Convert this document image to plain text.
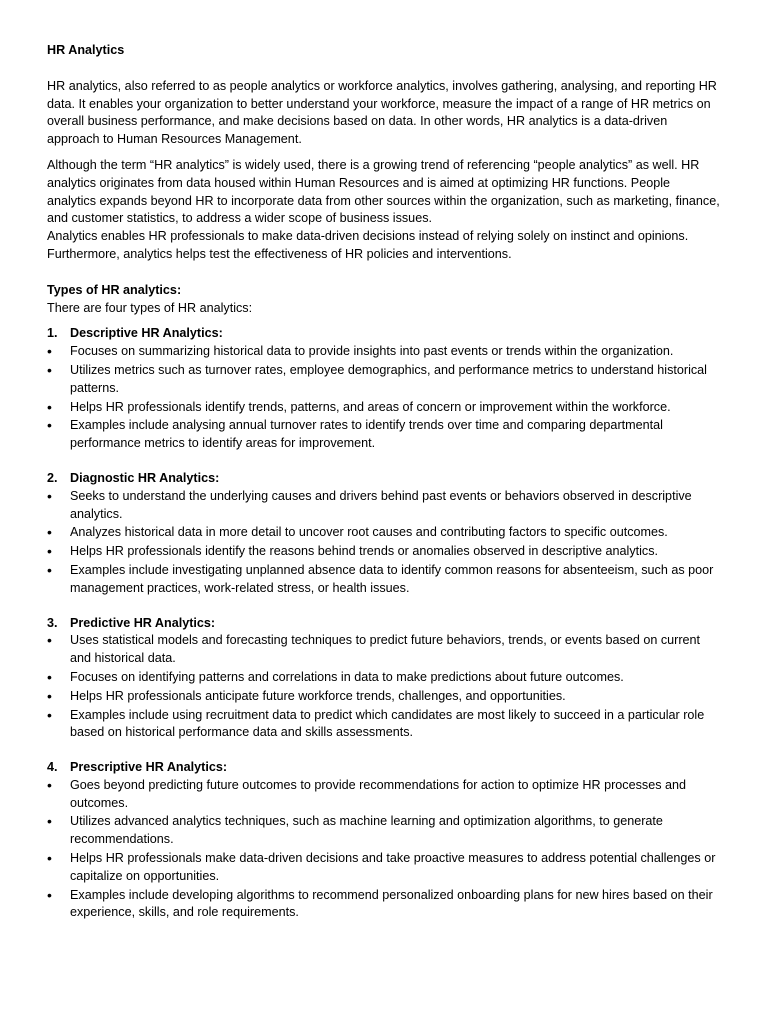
HR Analytics

HR analytics, also referred to as people analytics or workforce analytics, involves gathering, analysing, and reporting HR data. It enables your organization to better understand your workforce, measure the impact of a range of HR metrics on overall business performance, and make decisions based on data. In other words, HR analytics is a data-driven approach to Human Resources Management.

Although the term “HR analytics” is widely used, there is a growing trend of referencing “people analytics” as well. HR analytics originates from data housed within Human Resources and is aimed at optimizing HR functions. People analytics expands beyond HR to incorporate data from other sources within the organization, such as marketing, finance, and customer statistics, to address a wider scope of business issues.

Analytics enables HR professionals to make data-driven decisions instead of relying solely on instinct and opinions. Furthermore, analytics helps test the effectiveness of HR policies and interventions.

Types of HR analytics:
There are four types of HR analytics:
1. Descriptive HR Analytics:
•	Focuses on summarizing historical data to provide insights into past events or trends within the organization.
•	Utilizes metrics such as turnover rates, employee demographics, and performance metrics to understand historical patterns.
•	Helps HR professionals identify trends, patterns, and areas of concern or improvement within the workforce.
•	Examples include analysing annual turnover rates to identify trends over time and comparing departmental performance metrics to identify areas for improvement.
2. Diagnostic HR Analytics:
•	Seeks to understand the underlying causes and drivers behind past events or behaviors observed in descriptive analytics.
•	Analyzes historical data in more detail to uncover root causes and contributing factors to specific outcomes.
•	Helps HR professionals identify the reasons behind trends or anomalies observed in descriptive analytics.
•	Examples include investigating unplanned absence data to identify common reasons for absenteeism, such as poor management practices, work-related stress, or health issues.
3. Predictive HR Analytics:
•	Uses statistical models and forecasting techniques to predict future behaviors, trends, or events based on current and historical data.
•	Focuses on identifying patterns and correlations in data to make predictions about future outcomes.
•	Helps HR professionals anticipate future workforce trends, challenges, and opportunities.
•	Examples include using recruitment data to predict which candidates are most likely to succeed in a particular role based on historical performance data and skills assessments.
4. Prescriptive HR Analytics:
•	Goes beyond predicting future outcomes to provide recommendations for action to optimize HR processes and outcomes.
•	Utilizes advanced analytics techniques, such as machine learning and optimization algorithms, to generate recommendations.
•	Helps HR professionals make data-driven decisions and take proactive measures to address potential challenges or capitalize on opportunities.
•	Examples include developing algorithms to recommend personalized onboarding plans for new hires based on their experience, skills, and role requirements.
